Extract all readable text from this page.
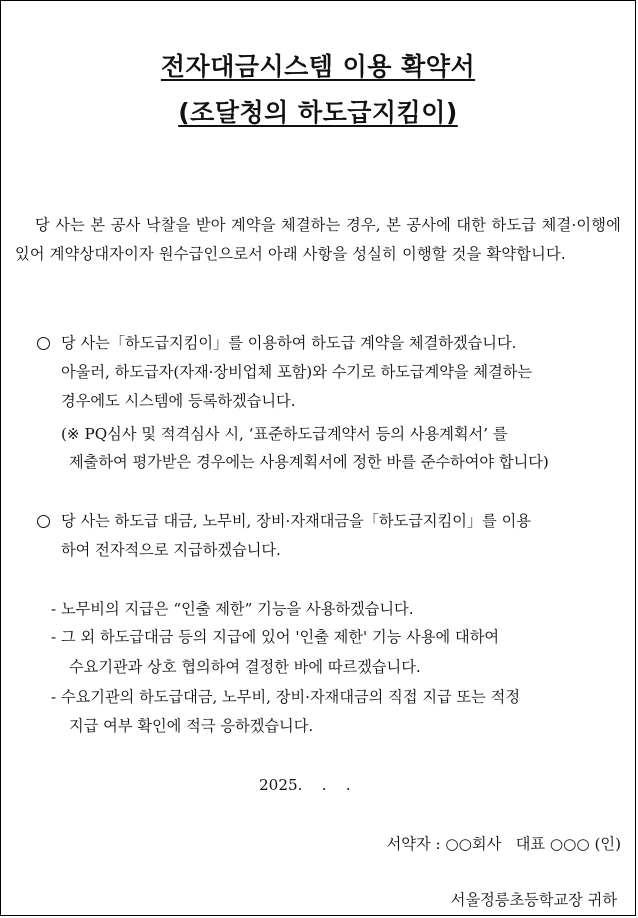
전자대금시스템 이용 확약서
(조달청의 하도급지킴이)
당 사는 본 공사 낙찰을 받아 계약을 체결하는 경우, 본 공사에 대한 하도급 체결·이행에 있어 계약상대자이자 원수급인으로서 아래 사항을 성실히 이행할 것을 확약합니다.
당 사는「하도급지킴이」를 이용하여 하도급 계약을 체결하겠습니다.
아울러, 하도급자(자재·장비업체 포함)와 수기로 하도급계약을 체결하는
경우에도 시스템에 등록하겠습니다.
(※ PQ심사 및 적격심사 시, ‘표준하도급계약서 등의 사용계획서’ 를
제출하여 평가받은 경우에는 사용계획서에 정한 바를 준수하여야 합니다)
당 사는 하도급 대금, 노무비, 장비·자재대금을「하도급지킴이」를 이용
하여 전자적으로 지급하겠습니다.
- 노무비의 지급은 “인출 제한” 기능을 사용하겠습니다.
- 그 외 하도급대금 등의 지급에 있어 '인출 제한' 기능 사용에 대하여
수요기관과 상호 협의하여 결정한 바에 따르겠습니다.
- 수요기관의 하도급대금, 노무비, 장비·자재대금의 직접 지급 또는 적정
지급 여부 확인에 적극 응하겠습니다.
2025.    .    .
서약자 : ○○회사   대표 ○○○ (인)
서울정릉초등학교장 귀하
